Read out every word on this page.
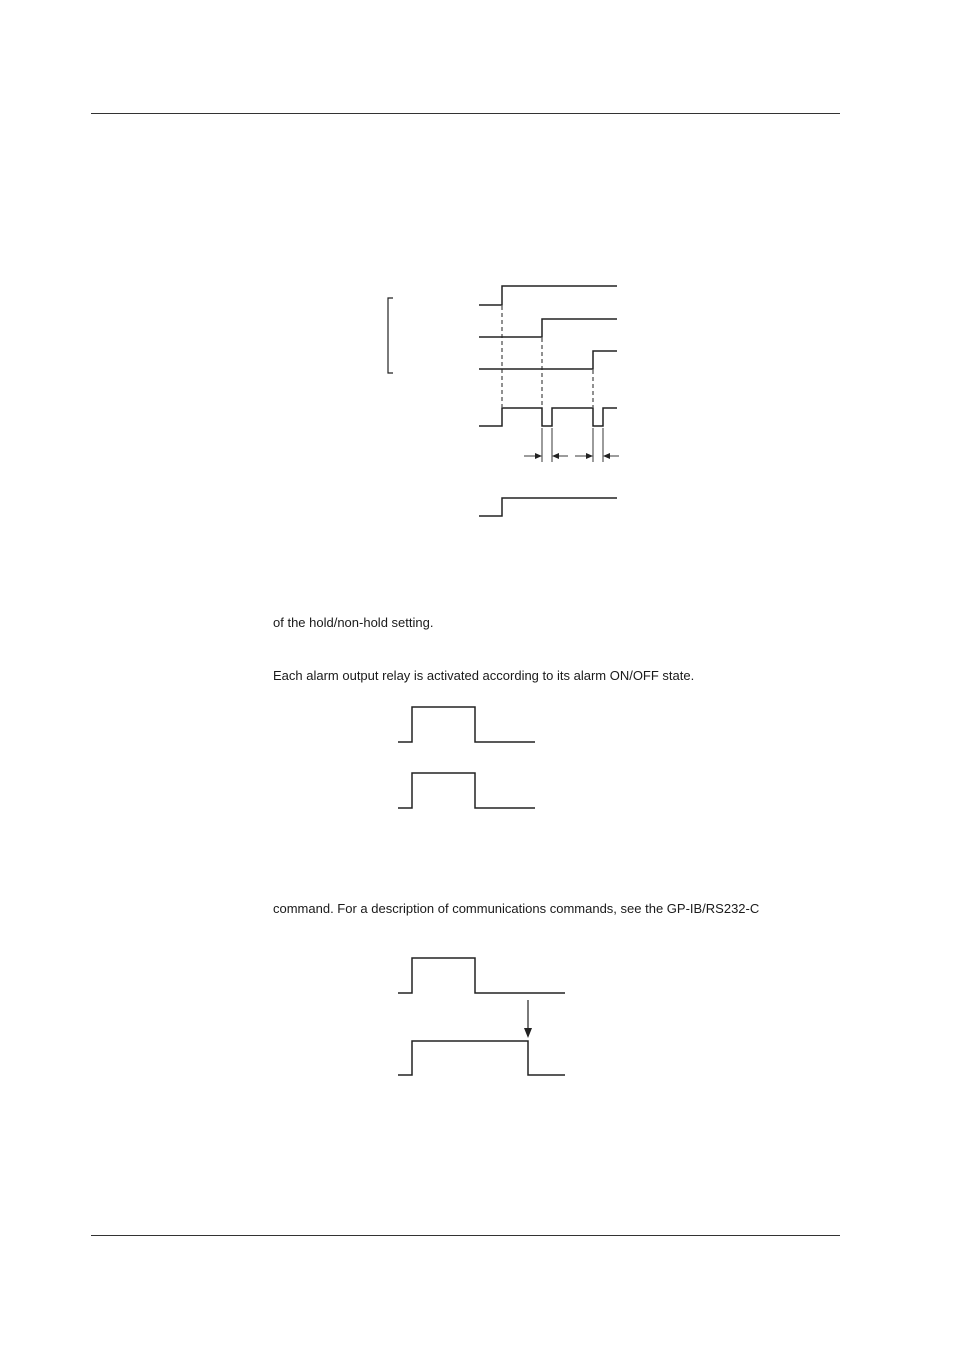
of the hold/non-hold setting.
Each alarm output relay is activated according to its alarm ON/OFF state.
command. For a description of communications commands, see the GP-IB/RS232-C
